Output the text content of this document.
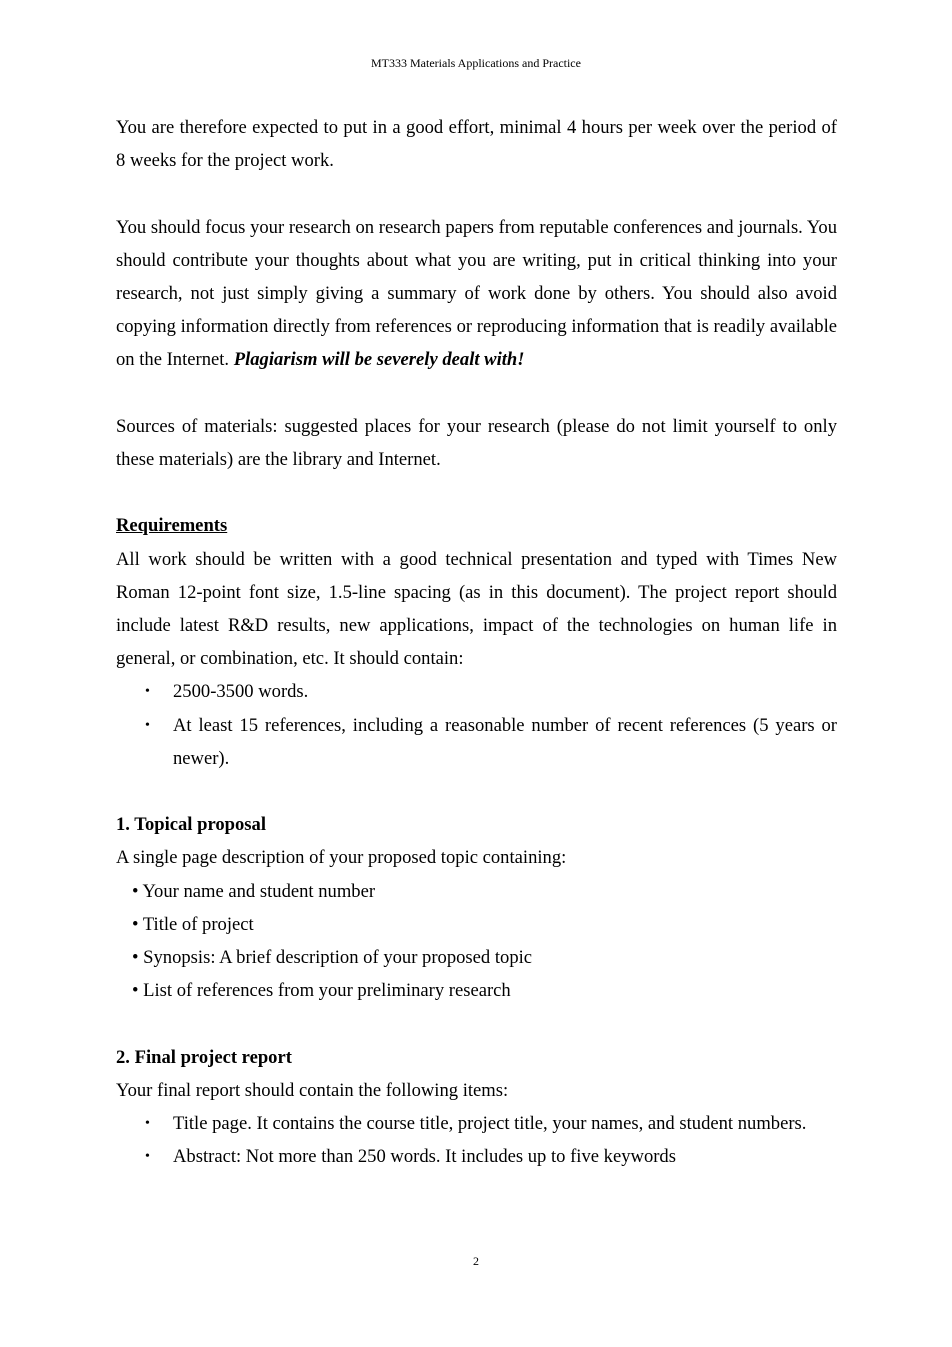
MT333 Materials Applications and Practice

You are therefore expected to put in a good effort, minimal 4 hours per week over the period of 8 weeks for the project work.

You should focus your research on research papers from reputable conferences and journals. You should contribute your thoughts about what you are writing, put in critical thinking into your research, not just simply giving a summary of work done by others. You should also avoid copying information directly from references or reproducing information that is readily available on the Internet. Plagiarism will be severely dealt with!

Sources of materials: suggested places for your research (please do not limit yourself to only these materials) are the library and Internet.

Requirements

All work should be written with a good technical presentation and typed with Times New Roman 12-point font size, 1.5-line spacing (as in this document). The project report should include latest R&D results, new applications, impact of the technologies on human life in general, or combination, etc. It should contain:

• 2500-3500 words.
• At least 15 references, including a reasonable number of recent references (5 years or newer).

1. Topical proposal

A single page description of your proposed topic containing:

• Your name and student number
• Title of project
• Synopsis: A brief description of your proposed topic
• List of references from your preliminary research

2. Final project report

Your final report should contain the following items:

• Title page. It contains the course title, project title, your names, and student numbers.
• Abstract: Not more than 250 words. It includes up to five keywords
2
